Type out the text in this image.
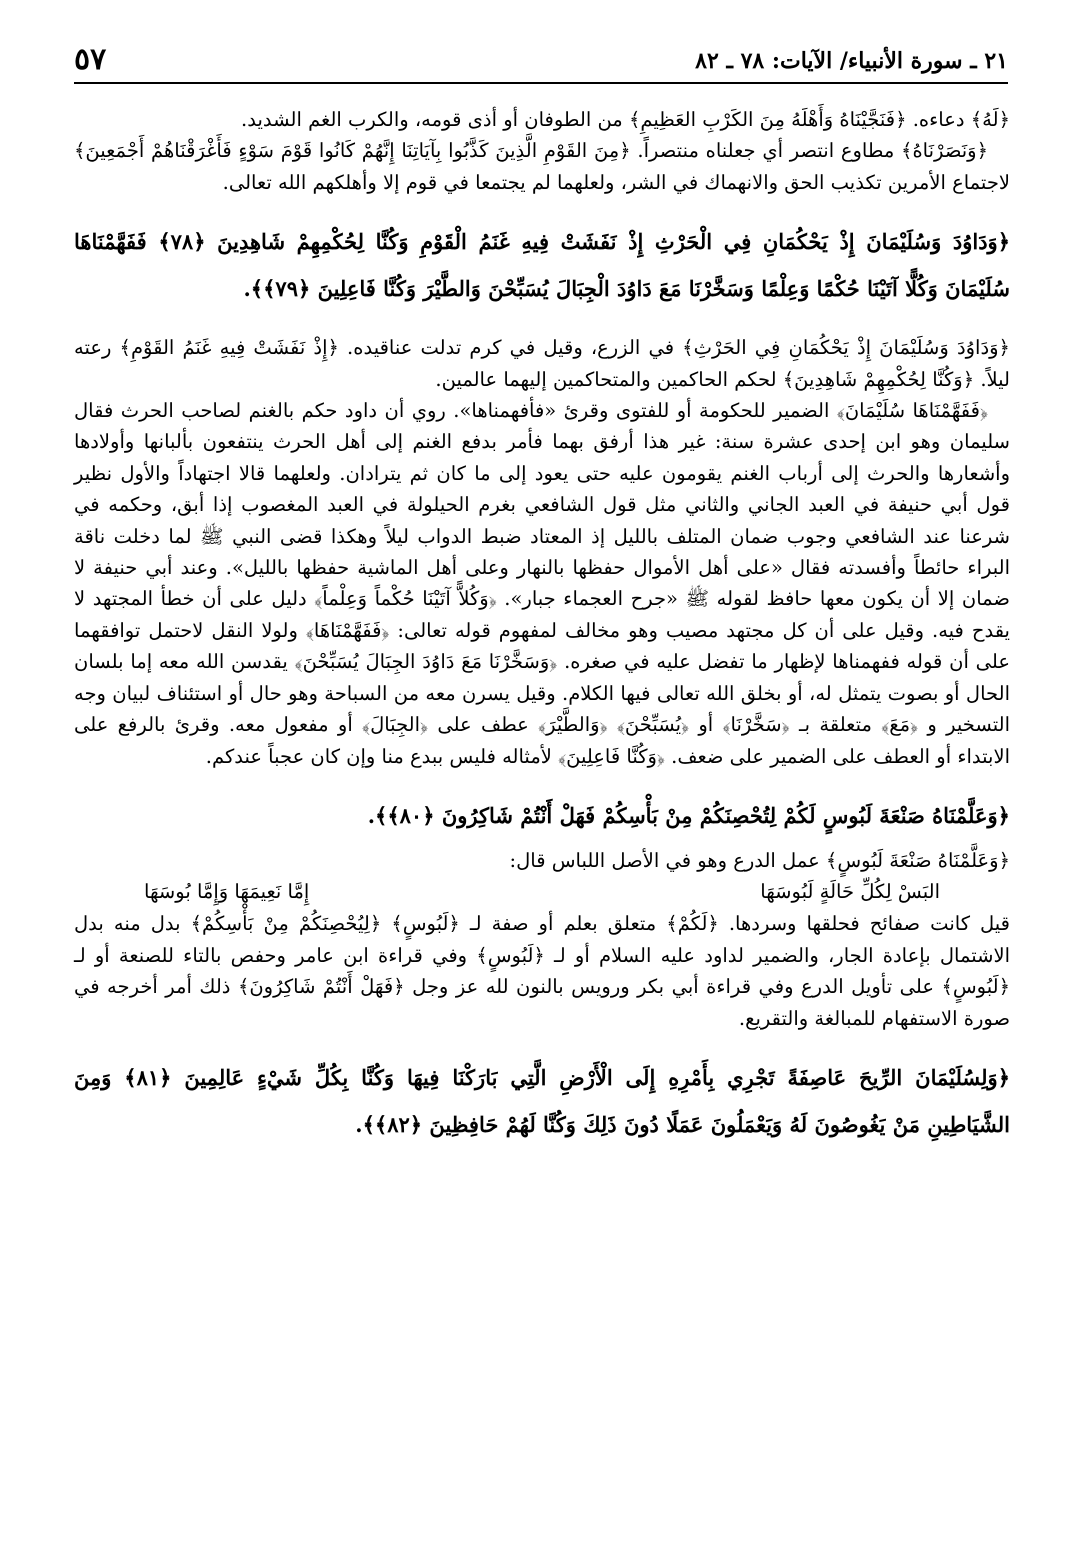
٢١ ـ سورة الأنبياء/ الآيات: ٧٨ ـ ٨٢
٥٧

﴿لَهُ﴾ دعاءه. ﴿فَنَجَّيْنَاهُ وَأَهْلَهُ مِنَ الكَرْبِ العَظِيمِ﴾ من الطوفان أو أذى قومه، والكرب الغم الشديد.

﴿وَنَصَرْنَاهُ﴾ مطاوع انتصر أي جعلناه منتصراً. ﴿مِنَ القَوْمِ الَّذِينَ كَذَّبُوا بِآيَاتِنَا إِنَّهُمْ كَانُوا قَوْمَ سَوْءٍ فَأَغْرَقْنَاهُمْ أَجْمَعِينَ﴾ لاجتماع الأمرين تكذيب الحق والانهماك في الشر، ولعلهما لم يجتمعا في قوم إلا وأهلكهم الله تعالى.

﴿وَدَاوُدَ وَسُلَيْمَانَ إِذْ يَحْكُمَانِ فِي الْحَرْثِ إِذْ نَفَشَتْ فِيهِ غَنَمُ الْقَوْمِ وَكُنَّا لِحُكْمِهِمْ شَاهِدِينَ ﴿٧٨﴾ فَفَهَّمْنَاهَا سُلَيْمَانَ وَكُلًّا آتَيْنَا حُكْمًا وَعِلْمًا وَسَخَّرْنَا مَعَ دَاوُدَ الْجِبَالَ يُسَبِّحْنَ وَالطَّيْرَ وَكُنَّا فَاعِلِينَ ﴿٧٩﴾﴾.

﴿وَدَاوُدَ وَسُلَيْمَانَ إِذْ يَحْكُمَانِ فِي الحَرْثِ﴾ في الزرع، وقيل في كرم تدلت عناقيده. ﴿إِذْ نَفَشَتْ فِيهِ غَنَمُ القَوْمِ﴾ رعته ليلاً. ﴿وَكُنَّا لِحُكْمِهِمْ شَاهِدِينَ﴾ لحكم الحاكمين والمتحاكمين إليهما عالمين.

﴿فَفَهَّمْنَاهَا سُلَيْمَانَ﴾ الضمير للحكومة أو للفتوى وقرئ «فأفهمناها». روي أن داود حكم بالغنم لصاحب الحرث فقال سليمان وهو ابن إحدى عشرة سنة: غير هذا أرفق بهما فأمر بدفع الغنم إلى أهل الحرث ينتفعون بألبانها وأولادها وأشعارها والحرث إلى أرباب الغنم يقومون عليه حتى يعود إلى ما كان ثم يترادان. ولعلهما قالا اجتهاداً والأول نظير قول أبي حنيفة في العبد الجاني والثاني مثل قول الشافعي بغرم الحيلولة في العبد المغصوب إذا أبق، وحكمه في شرعنا عند الشافعي وجوب ضمان المتلف بالليل إذ المعتاد ضبط الدواب ليلاً وهكذا قضى النبي ﷺ لما دخلت ناقة البراء حائطاً وأفسدته فقال «على أهل الأموال حفظها بالنهار وعلى أهل الماشية حفظها بالليل». وعند أبي حنيفة لا ضمان إلا أن يكون معها حافظ لقوله ﷺ «جرح العجماء جبار». ﴿وَكُلاًّ آتَيْنَا حُكْماً وَعِلْماً﴾ دليل على أن خطأ المجتهد لا يقدح فيه. وقيل على أن كل مجتهد مصيب وهو مخالف لمفهوم قوله تعالى: ﴿فَفَهَّمْنَاهَا﴾ ولولا النقل لاحتمل توافقهما على أن قوله ففهمناها لإظهار ما تفضل عليه في صغره. ﴿وَسَخَّرْنَا مَعَ دَاوُدَ الجِبَالَ يُسَبِّحْنَ﴾ يقدسن الله معه إما بلسان الحال أو بصوت يتمثل له، أو بخلق الله تعالى فيها الكلام. وقيل يسرن معه من السباحة وهو حال أو استئناف لبيان وجه التسخير و ﴿مَعَ﴾ متعلقة بـ ﴿سَخَّرْنَا﴾ أو ﴿يُسَبِّحْنَ﴾ ﴿وَالطَّيْرَ﴾ عطف على ﴿الجِبَالَ﴾ أو مفعول معه. وقرئ بالرفع على الابتداء أو العطف على الضمير على ضعف. ﴿وَكُنَّا فَاعِلِينَ﴾ لأمثاله فليس ببدع منا وإن كان عجباً عندكم.

﴿وَعَلَّمْنَاهُ صَنْعَةَ لَبُوسٍ لَكُمْ لِتُحْصِنَكُمْ مِنْ بَأْسِكُمْ فَهَلْ أَنْتُمْ شَاكِرُونَ ﴿٨٠﴾﴾.

﴿وَعَلَّمْنَاهُ صَنْعَةَ لَبُوسٍ﴾ عمل الدرع وهو في الأصل اللباس قال:

البَسْ لِكُلِّ حَالَةٍ لَبُوسَهَا
إِمَّا نَعِيمَهَا وَإِمَّا بُوسَهَا

قيل كانت صفائح فحلقها وسردها. ﴿لَكُمْ﴾ متعلق بعلم أو صفة لـ ﴿لَبُوسٍ﴾ ﴿لِيُحْصِنَكُمْ مِنْ بَأْسِكُمْ﴾ بدل منه بدل الاشتمال بإعادة الجار، والضمير لداود عليه السلام أو لـ ﴿لَبُوسٍ﴾ وفي قراءة ابن عامر وحفص بالتاء للصنعة أو لـ ﴿لَبُوسٍ﴾ على تأويل الدرع وفي قراءة أبي بكر ورويس بالنون لله عز وجل ﴿فَهَلْ أَنْتُمْ شَاكِرُونَ﴾ ذلك أمر أخرجه في صورة الاستفهام للمبالغة والتقريع.

﴿وَلِسُلَيْمَانَ الرِّيحَ عَاصِفَةً تَجْرِي بِأَمْرِهِ إِلَى الْأَرْضِ الَّتِي بَارَكْنَا فِيهَا وَكُنَّا بِكُلِّ شَيْءٍ عَالِمِينَ ﴿٨١﴾ وَمِنَ الشَّيَاطِينِ مَنْ يَغُوصُونَ لَهُ وَيَعْمَلُونَ عَمَلًا دُونَ ذَلِكَ وَكُنَّا لَهُمْ حَافِظِينَ ﴿٨٢﴾﴾.
